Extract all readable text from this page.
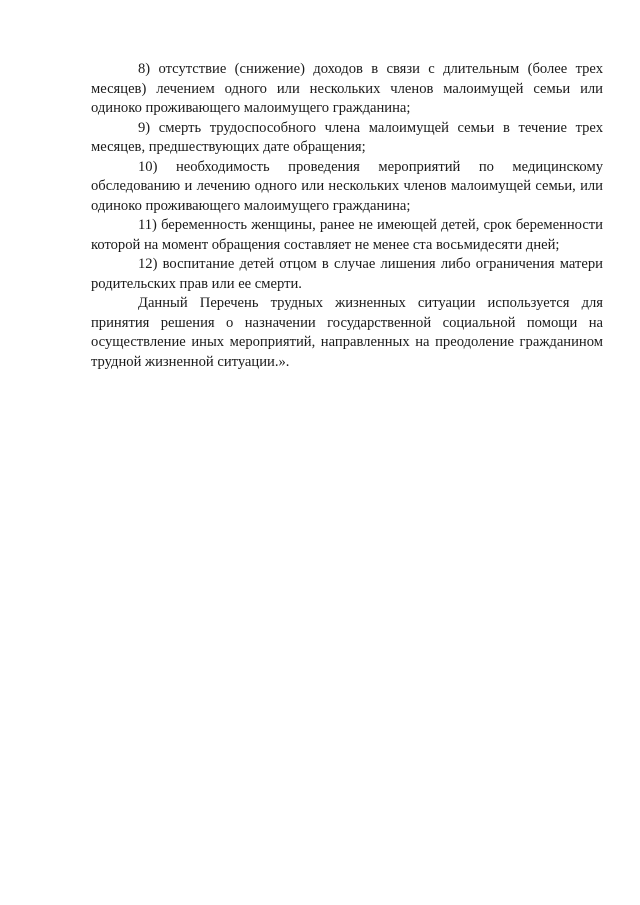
8) отсутствие (снижение) доходов в связи с длительным (более трех месяцев) лечением одного или нескольких членов малоимущей семьи или одиноко проживающего малоимущего гражданина;

9) смерть трудоспособного члена малоимущей семьи в течение трех месяцев, предшествующих дате обращения;

10) необходимость проведения мероприятий по медицинскому обследованию и лечению одного или нескольких членов малоимущей семьи, или одиноко проживающего малоимущего гражданина;

11) беременность женщины, ранее не имеющей детей, срок беременности которой на момент обращения составляет не менее ста восьмидесяти дней;

12) воспитание детей отцом в случае лишения либо ограничения матери родительских прав или ее смерти.

Данный Перечень трудных жизненных ситуации используется для принятия решения о назначении государственной социальной помощи на осуществление иных мероприятий, направленных на преодоление гражданином трудной жизненной ситуации.».
